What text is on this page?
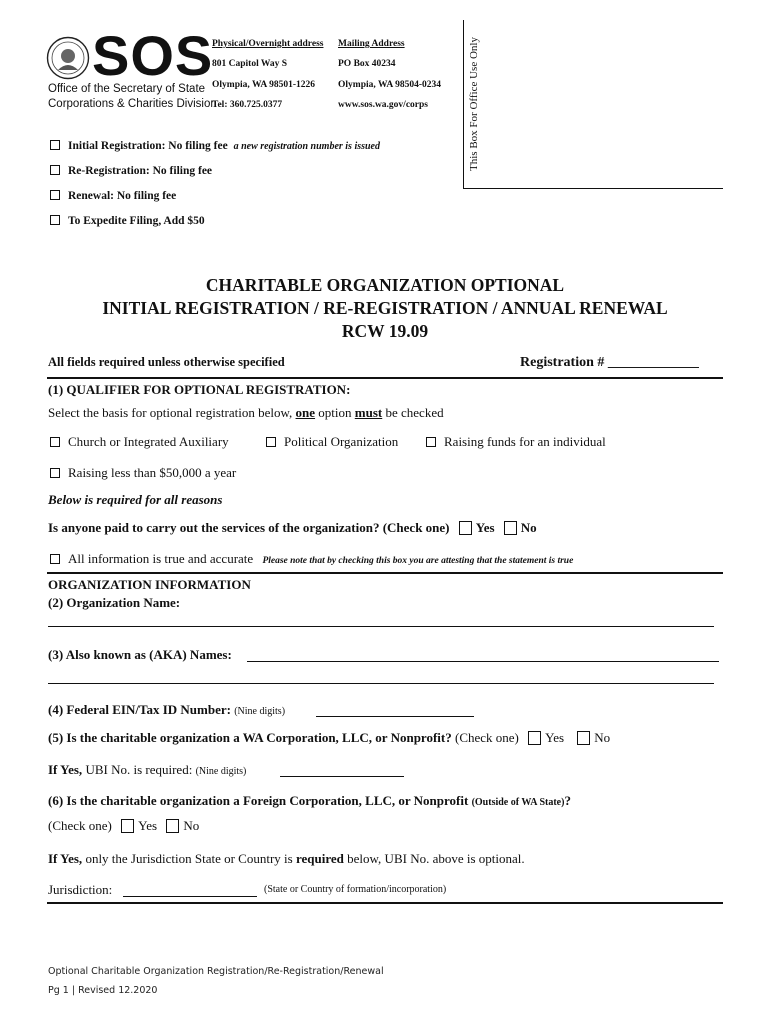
SOS
Office of the Secretary of State
Corporations & Charities Division
Physical/Overnight address
801 Capitol Way S
Olympia, WA 98501-1226
Tel: 360.725.0377
Mailing Address
PO Box 40234
Olympia, WA 98504-0234
www.sos.wa.gov/corps	This Box For Office Use Only
Initial Registration: No filing fee a new registration number is issued
Re-Registration: No filing fee
Renewal: No filing fee
To Expedite Filing, Add $50
CHARITABLE ORGANIZATION OPTIONAL
INITIAL REGISTRATION / RE-REGISTRATION / ANNUAL RENEWAL
RCW 19.09
All fields required unless otherwise specified	Registration # _____________
(1) QUALIFIER FOR OPTIONAL REGISTRATION:
Select the basis for optional registration below, one option must be checked
Church or Integrated Auxiliary	Political Organization	Raising funds for an individual
Raising less than $50,000 a year
Below is required for all reasons
Is anyone paid to carry out the services of the organization? (Check one) Yes No
All information is true and accurate Please note that by checking this box you are attesting that the statement is true
ORGANIZATION INFORMATION
(2) Organization Name:
(3) Also known as (AKA) Names:
(4) Federal EIN/Tax ID Number: (Nine digits)
(5) Is the charitable organization a WA Corporation, LLC, or Nonprofit? (Check one) Yes No
If Yes, UBI No. is required: (Nine digits)
(6) Is the charitable organization a Foreign Corporation, LLC, or Nonprofit (Outside of WA State)?
(Check one) Yes No
If Yes, only the Jurisdiction State or Country is required below, UBI No. above is optional.
Jurisdiction:	(State or Country of formation/incorporation)
Optional Charitable Organization Registration/Re-Registration/Renewal
Pg 1 | Revised 12.2020
